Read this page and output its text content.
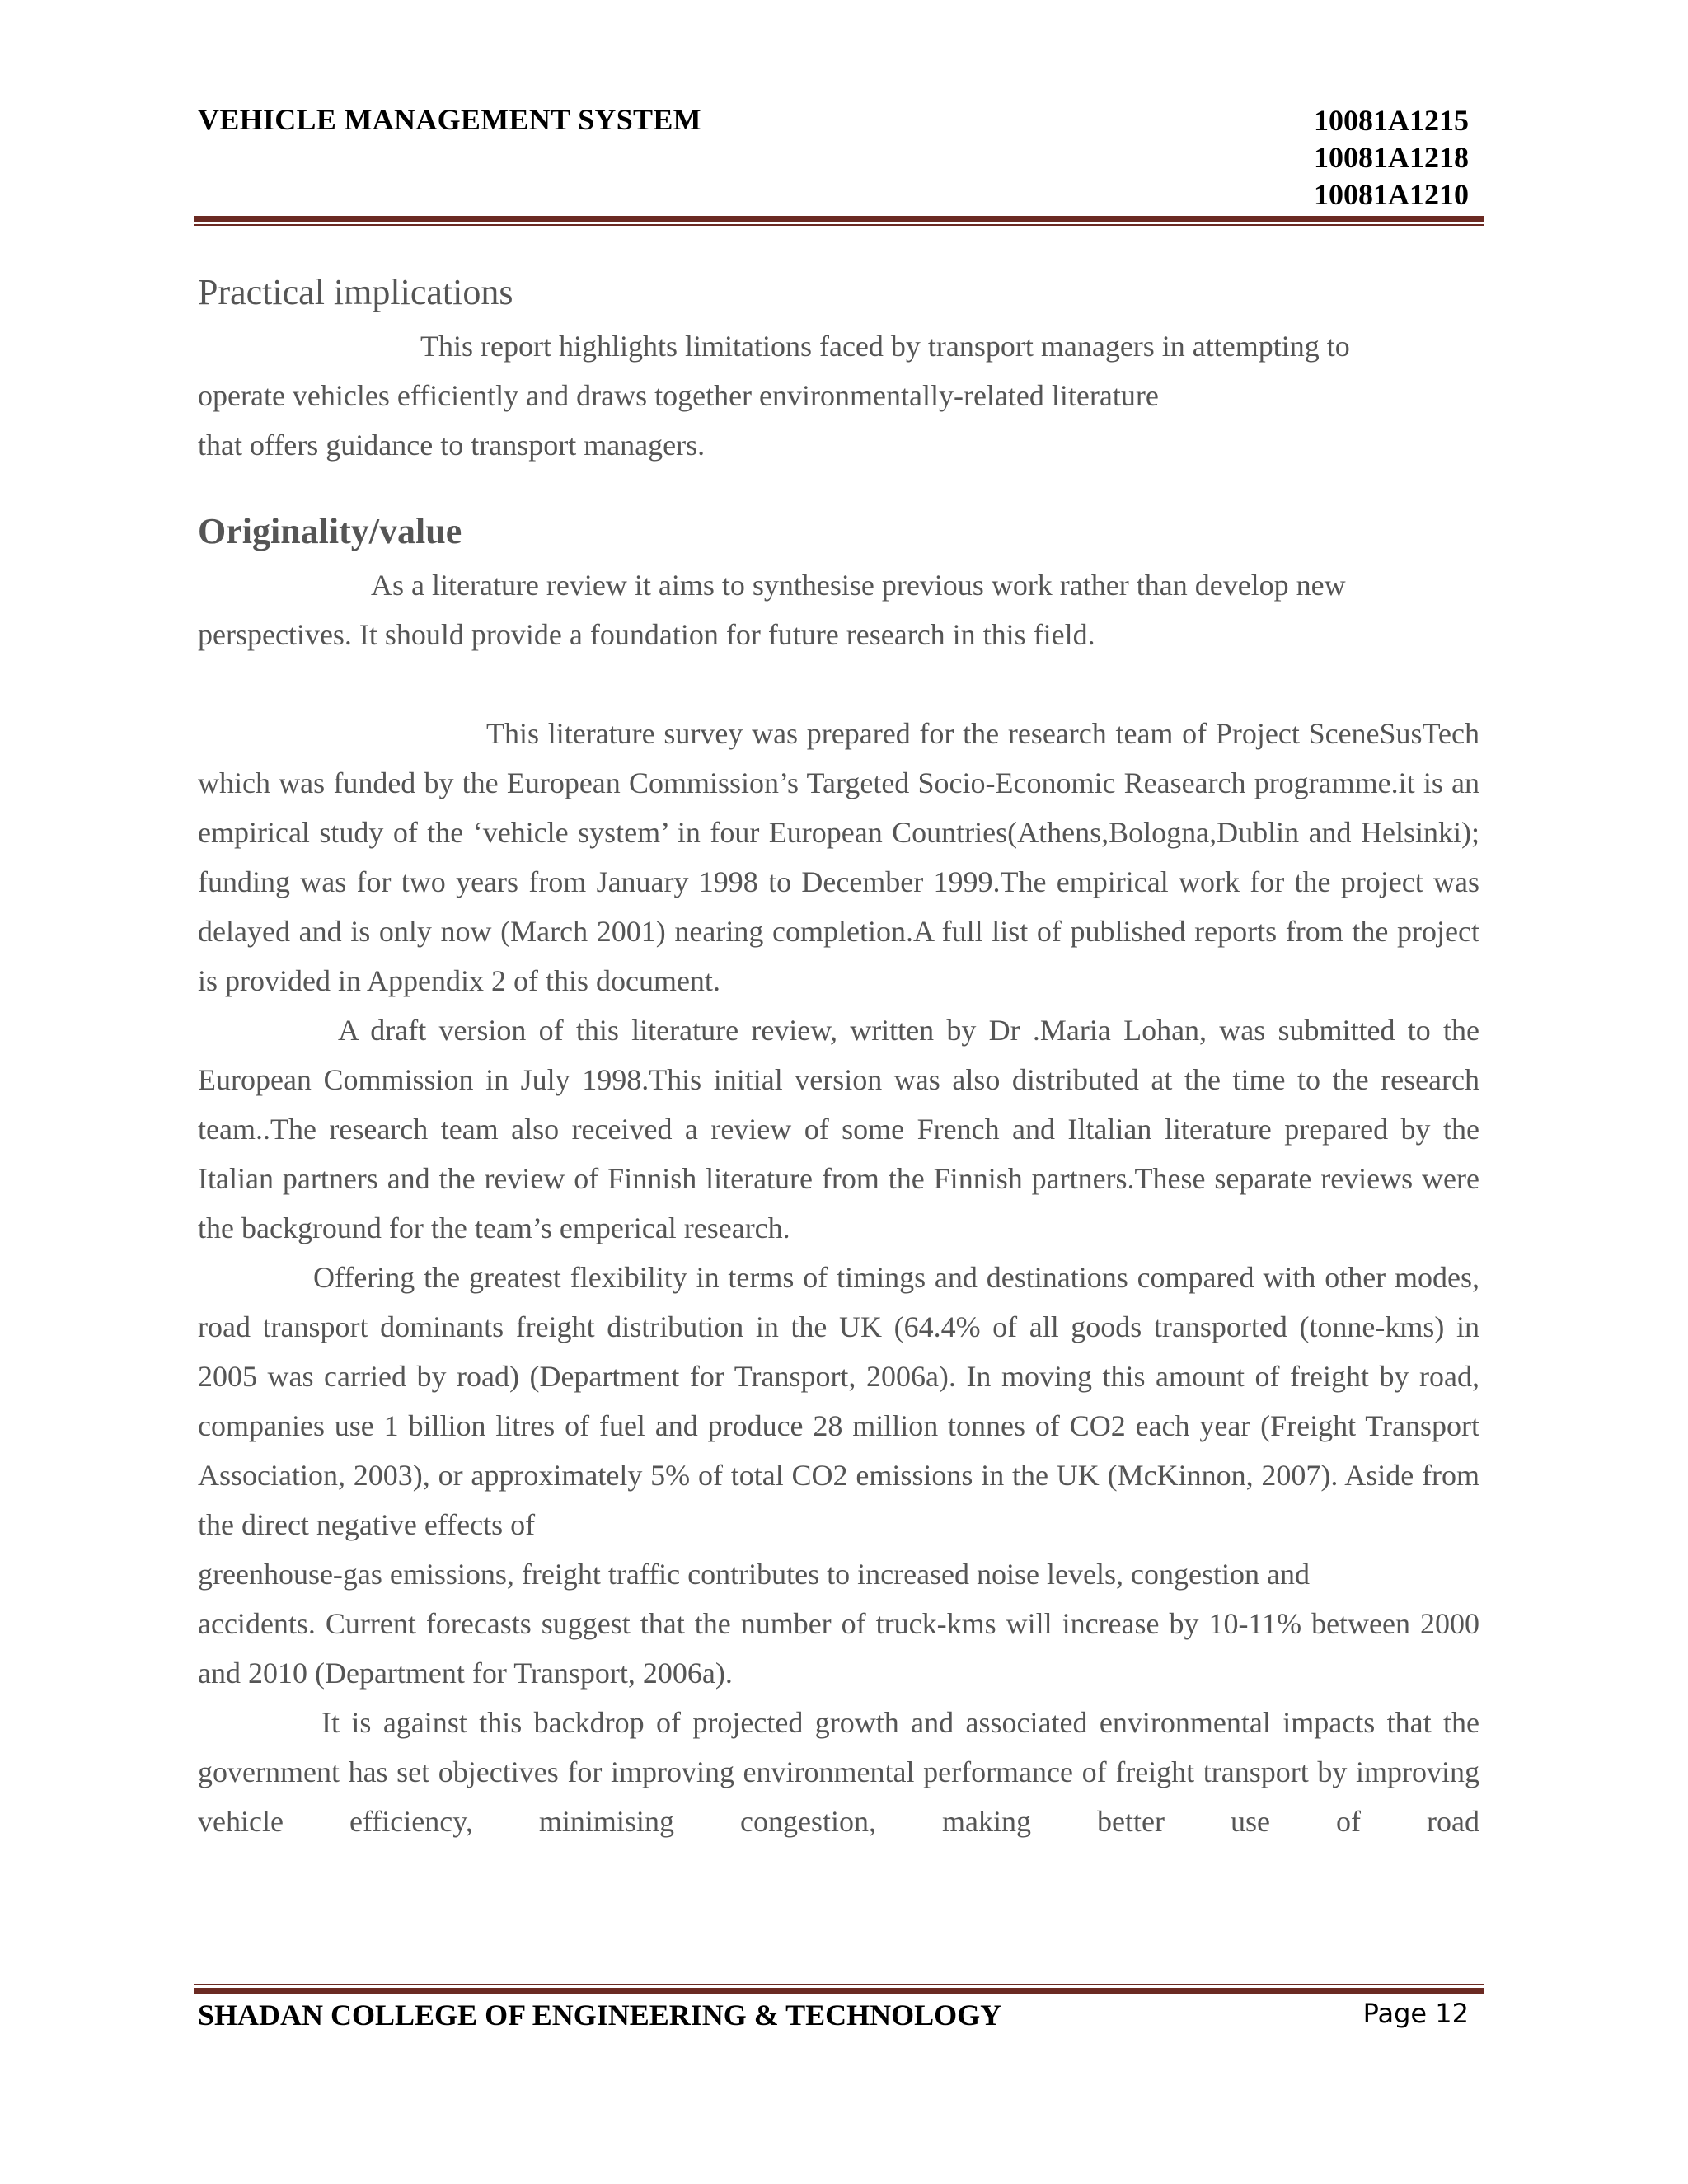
VEHICLE MANAGEMENT SYSTEM	10081A1215
10081A1218
10081A1210
Practical implications

This report highlights limitations faced by transport managers in attempting to
operate vehicles efficiently and draws together environmentally-related literature
that offers guidance to transport managers.

Originality/value

As a literature review it aims to synthesise previous work rather than develop new
perspectives. It should provide a foundation for future research in this field.

This literature survey was prepared for the research team of Project SceneSusTech which was funded by the European Commission’s Targeted Socio-Economic Reasearch programme.it is an empirical study of the ‘vehicle system’ in four European Countries(Athens,Bologna,Dublin and Helsinki); funding was for two years from January 1998 to December 1999.The empirical work for the project was delayed and is only now (March 2001) nearing completion.A full list of published reports from the project is provided in Appendix 2 of this document.

A draft version of this literature review, written by Dr .Maria Lohan, was submitted to the European Commission in July 1998.This initial version was also distributed at the time to the research team..The research team also received a review of some French and Iltalian literature prepared by the Italian partners and the review of Finnish literature from the Finnish partners.These separate reviews were the background for the team’s emperical research.

Offering the greatest flexibility in terms of timings and destinations compared with other modes, road transport dominants freight distribution in the UK (64.4% of all goods transported (tonne-kms) in 2005 was carried by road) (Department for Transport, 2006a). In moving this amount of freight by road, companies use 1 billion litres of fuel and produce 28 million tonnes of CO2 each year (Freight Transport Association, 2003), or approximately 5% of total CO2 emissions in the UK (McKinnon, 2007). Aside from the direct negative effects of

greenhouse-gas emissions, freight traffic contributes to increased noise levels, congestion and

accidents. Current forecasts suggest that the number of truck-kms will increase by 10-11% between 2000 and 2010 (Department for Transport, 2006a).

It is against this backdrop of projected growth and associated environmental impacts that the government has set objectives for improving environmental performance of freight transport by improving vehicle efficiency, minimising congestion, making better use of road

SHADAN COLLEGE OF ENGINEERING & TECHNOLOGY	Page 12
